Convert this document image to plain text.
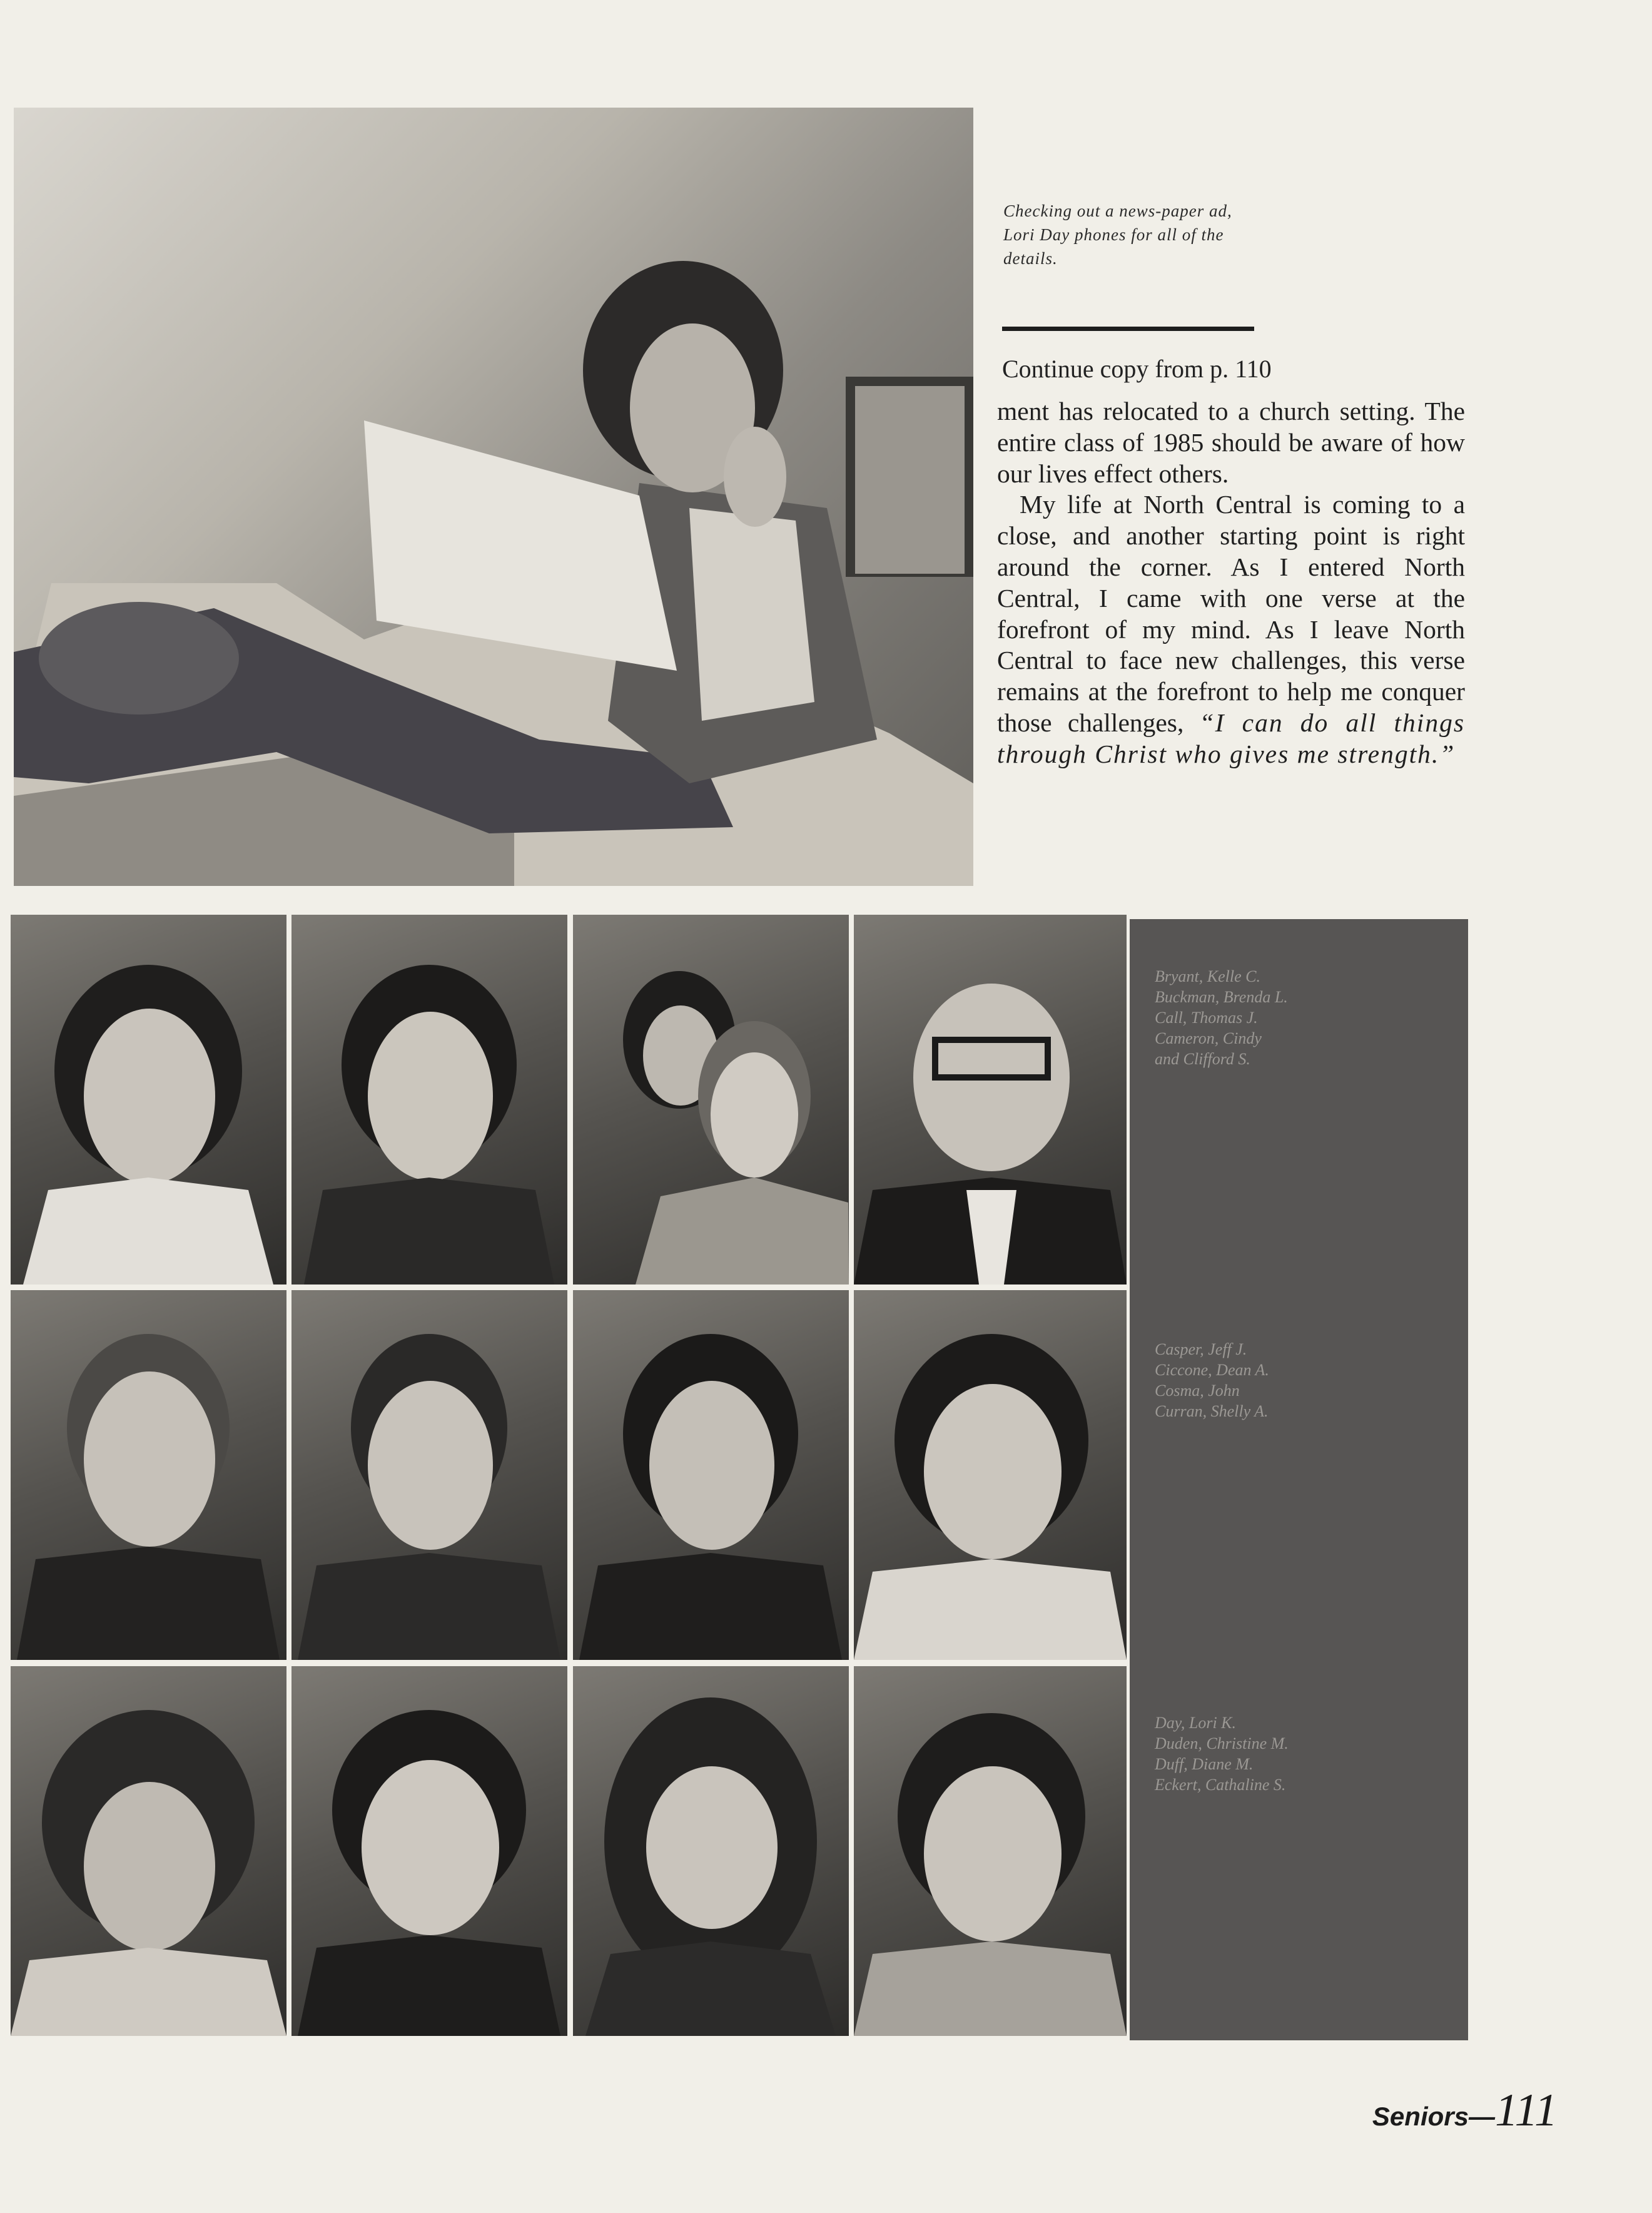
Checking out a news-paper ad, Lori Day phones for all of the details.
Continue copy from p. 110

ment has relocated to a church setting. The entire class of 1985 should be aware of how our lives effect others.

My life at North Central is coming to a close, and another starting point is right around the corner. As I entered North Central, I came with one verse at the forefront of my mind. As I leave North Central to face new challenges, this verse remains at the forefront to help me conquer those challenges, “I can do all things through Christ who gives me strength.”

Bryant, Kelle C.
Buckman, Brenda L.
Call, Thomas J.
Cameron, Cindy
and Clifford S.
Casper, Jeff J.
Ciccone, Dean A.
Cosma, John
Curran, Shelly A.
Day, Lori K.
Duden, Christine M.
Duff, Diane M.
Eckert, Cathaline S.
Seniors—111
